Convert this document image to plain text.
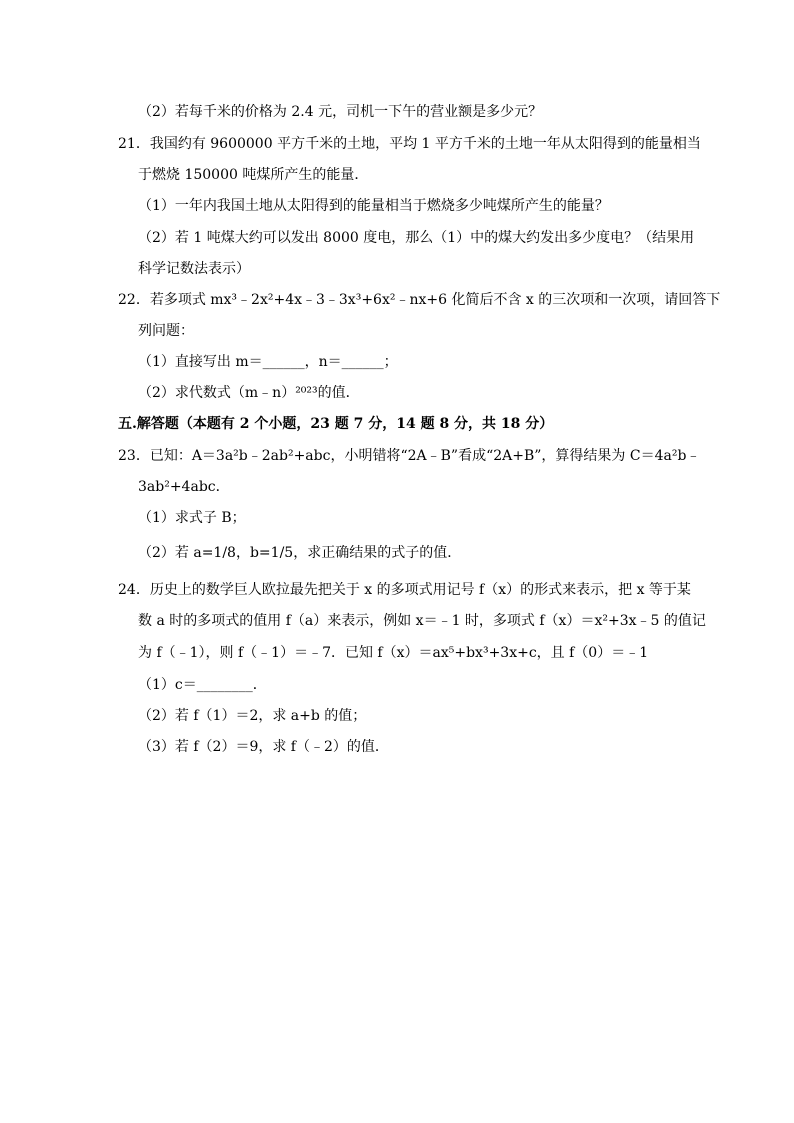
（2）若每千米的价格为 2.4 元，司机一下午的营业额是多少元？
21．我国约有 9600000 平方千米的土地，平均 1 平方千米的土地一年从太阳得到的能量相当
于燃烧 150000 吨煤所产生的能量．
（1）一年内我国土地从太阳得到的能量相当于燃烧多少吨煤所产生的能量？
（2）若 1 吨煤大约可以发出 8000 度电，那么（1）中的煤大约发出多少度电？（结果用
科学记数法表示）
22．若多项式 mx³﹣2x²+4x﹣3﹣3x³+6x²﹣nx+6 化简后不含 x 的三次项和一次项，请回答下
列问题：
（1）直接写出 m＝______，n＝______；
（2）求代数式（m﹣n）²⁰²³的值．
五.解答题（本题有 2 个小题，23 题 7 分，14 题 8 分，共 18 分）
23．已知：A＝3a²b﹣2ab²+abc，小明错将“2A﹣B”看成“2A+B”，算得结果为 C＝4a²b﹣
3ab²+4abc．
（1）求式子 B；
（2）若 a=1/8，b=1/5，求正确结果的式子的值．
24．历史上的数学巨人欧拉最先把关于 x 的多项式用记号 f（x）的形式来表示，把 x 等于某
数 a 时的多项式的值用 f（a）来表示，例如 x＝﹣1 时，多项式 f（x）＝x²+3x﹣5 的值记
为 f（﹣1），则 f（﹣1）＝﹣7．已知 f（x）＝ax⁵+bx³+3x+c，且 f（0）＝﹣1
（1）c＝________．
（2）若 f（1）＝2，求 a+b 的值；
（3）若 f（2）＝9，求 f（﹣2）的值．
